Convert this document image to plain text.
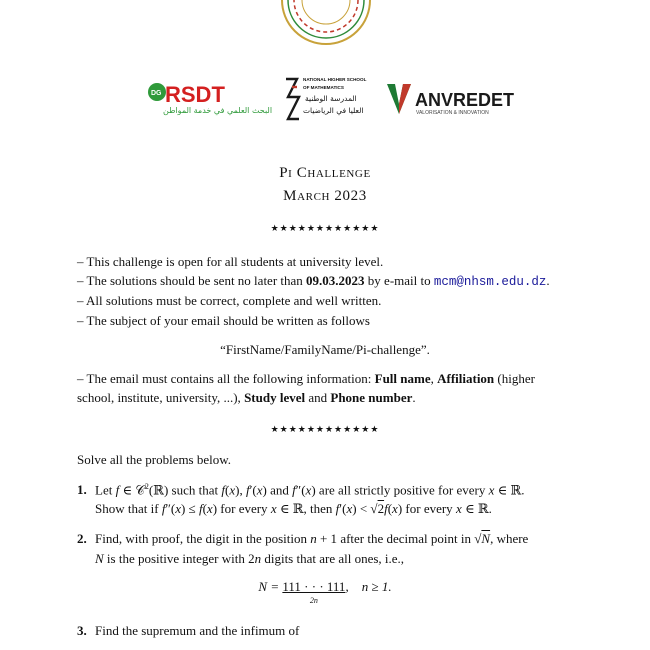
DG RSDT
البحث العلمي في خدمة المواطن
NATIONAL HIGHER SCHOOL
OF MATHEMATICS
المدرسة الوطنية
العليا في الرياضيات
ANVREDET
VALORISATION & INNOVATION
Pi Challenge
March 2023
★★★★★★★★★★★★
– This challenge is open for all students at university level.
– The solutions should be sent no later than 09.03.2023 by e-mail to mcm@nhsm.edu.dz.
– All solutions must be correct, complete and well written.
– The subject of your email should be written as follows
“FirstName/FamilyName/Pi-challenge”.
– The email must contains all the following information: Full name, Affiliation (higher
school, institute, university, ...), Study level and Phone number.
★★★★★★★★★★★★
Solve all the problems below.
1. Let f ∈ 𝒞$^2$(ℝ) such that f(x), f′(x) and f″(x) are all strictly positive for every x ∈ ℝ.
Show that if f″(x) ≤ f(x) for every x ∈ ℝ, then f′(x) < √2f(x) for every x ∈ ℝ.
2. Find, with proof, the digit in the position n + 1 after the decimal point in √N, where
N is the positive integer with 2n digits that are all ones, i.e.,
N = 111 · · · 111
2n
,    n ≥ 1.
3. Find the supremum and the infimum of
